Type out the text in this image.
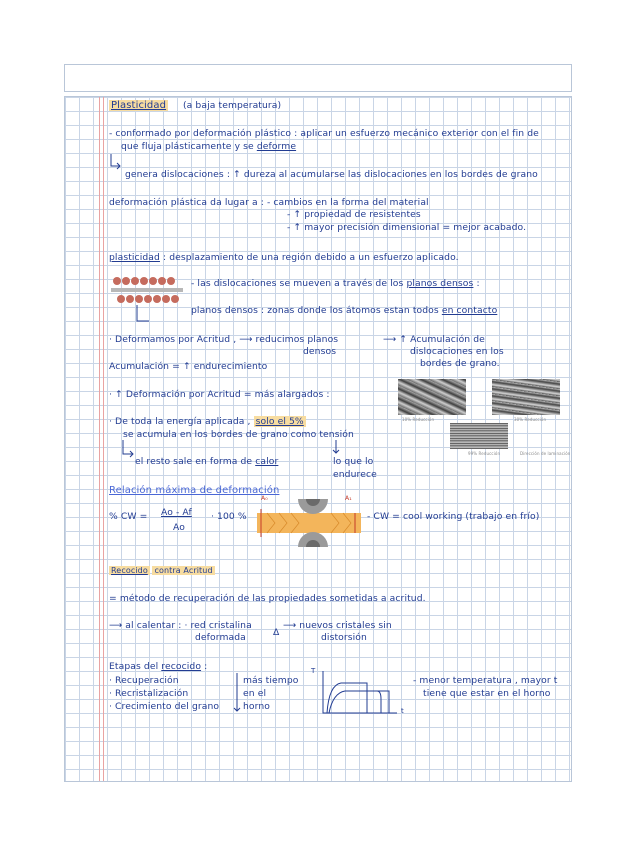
Plasticidad (a baja temperatura)

- conformado por deformación plástico : aplicar un esfuerzo mecánico exterior con el fin de

que fluja plásticamente y se deforme

genera dislocaciones : ↑ dureza al acumularse las dislocaciones en los bordes de grano

deformación plástica da lugar a : - cambios en la forma del material

- ↑ propiedad de resistentes

- ↑ mayor precisión dimensional = mejor acabado.

plasticidad : desplazamiento de una región debido a un esfuerzo aplicado.

- las dislocaciones se mueven a través de los planos densos :

planos densos : zonas donde los átomos estan todos en contacto

· Deformamos por Acritud , ⟶ reducimos planos

densos

⟶ ↑ Acumulación de

dislocaciones en los

bordes de grano.

Acumulación = ↑ endurecimiento

· ↑ Deformación por Acritud = más alargados :

10% Reducción	30% Reducción

99% Reducción	Dirección de laminación

· De toda la energía aplicada , solo el 5%

se acumula en los bordes de grano como tensión

el resto sale en forma de calor	lo que lo

endurece

Relación máxima de deformación

% CW = Ao - Af

Ao

· 100 %

A₀	A₁

- CW = cool working (trabajo en frío)

Recocido contra Acritud

= método de recuperación de las propiedades sometidas a acritud.

⟶ al calentar : · red cristalina

deformada	Δ

⟶ nuevos cristales sin

distorsión

Etapas del recocido :

· Recuperación

· Recristalización

· Crecimiento del grano

más tiempo

en el

horno

T

t

- menor temperatura , mayor t

tiene que estar en el horno
